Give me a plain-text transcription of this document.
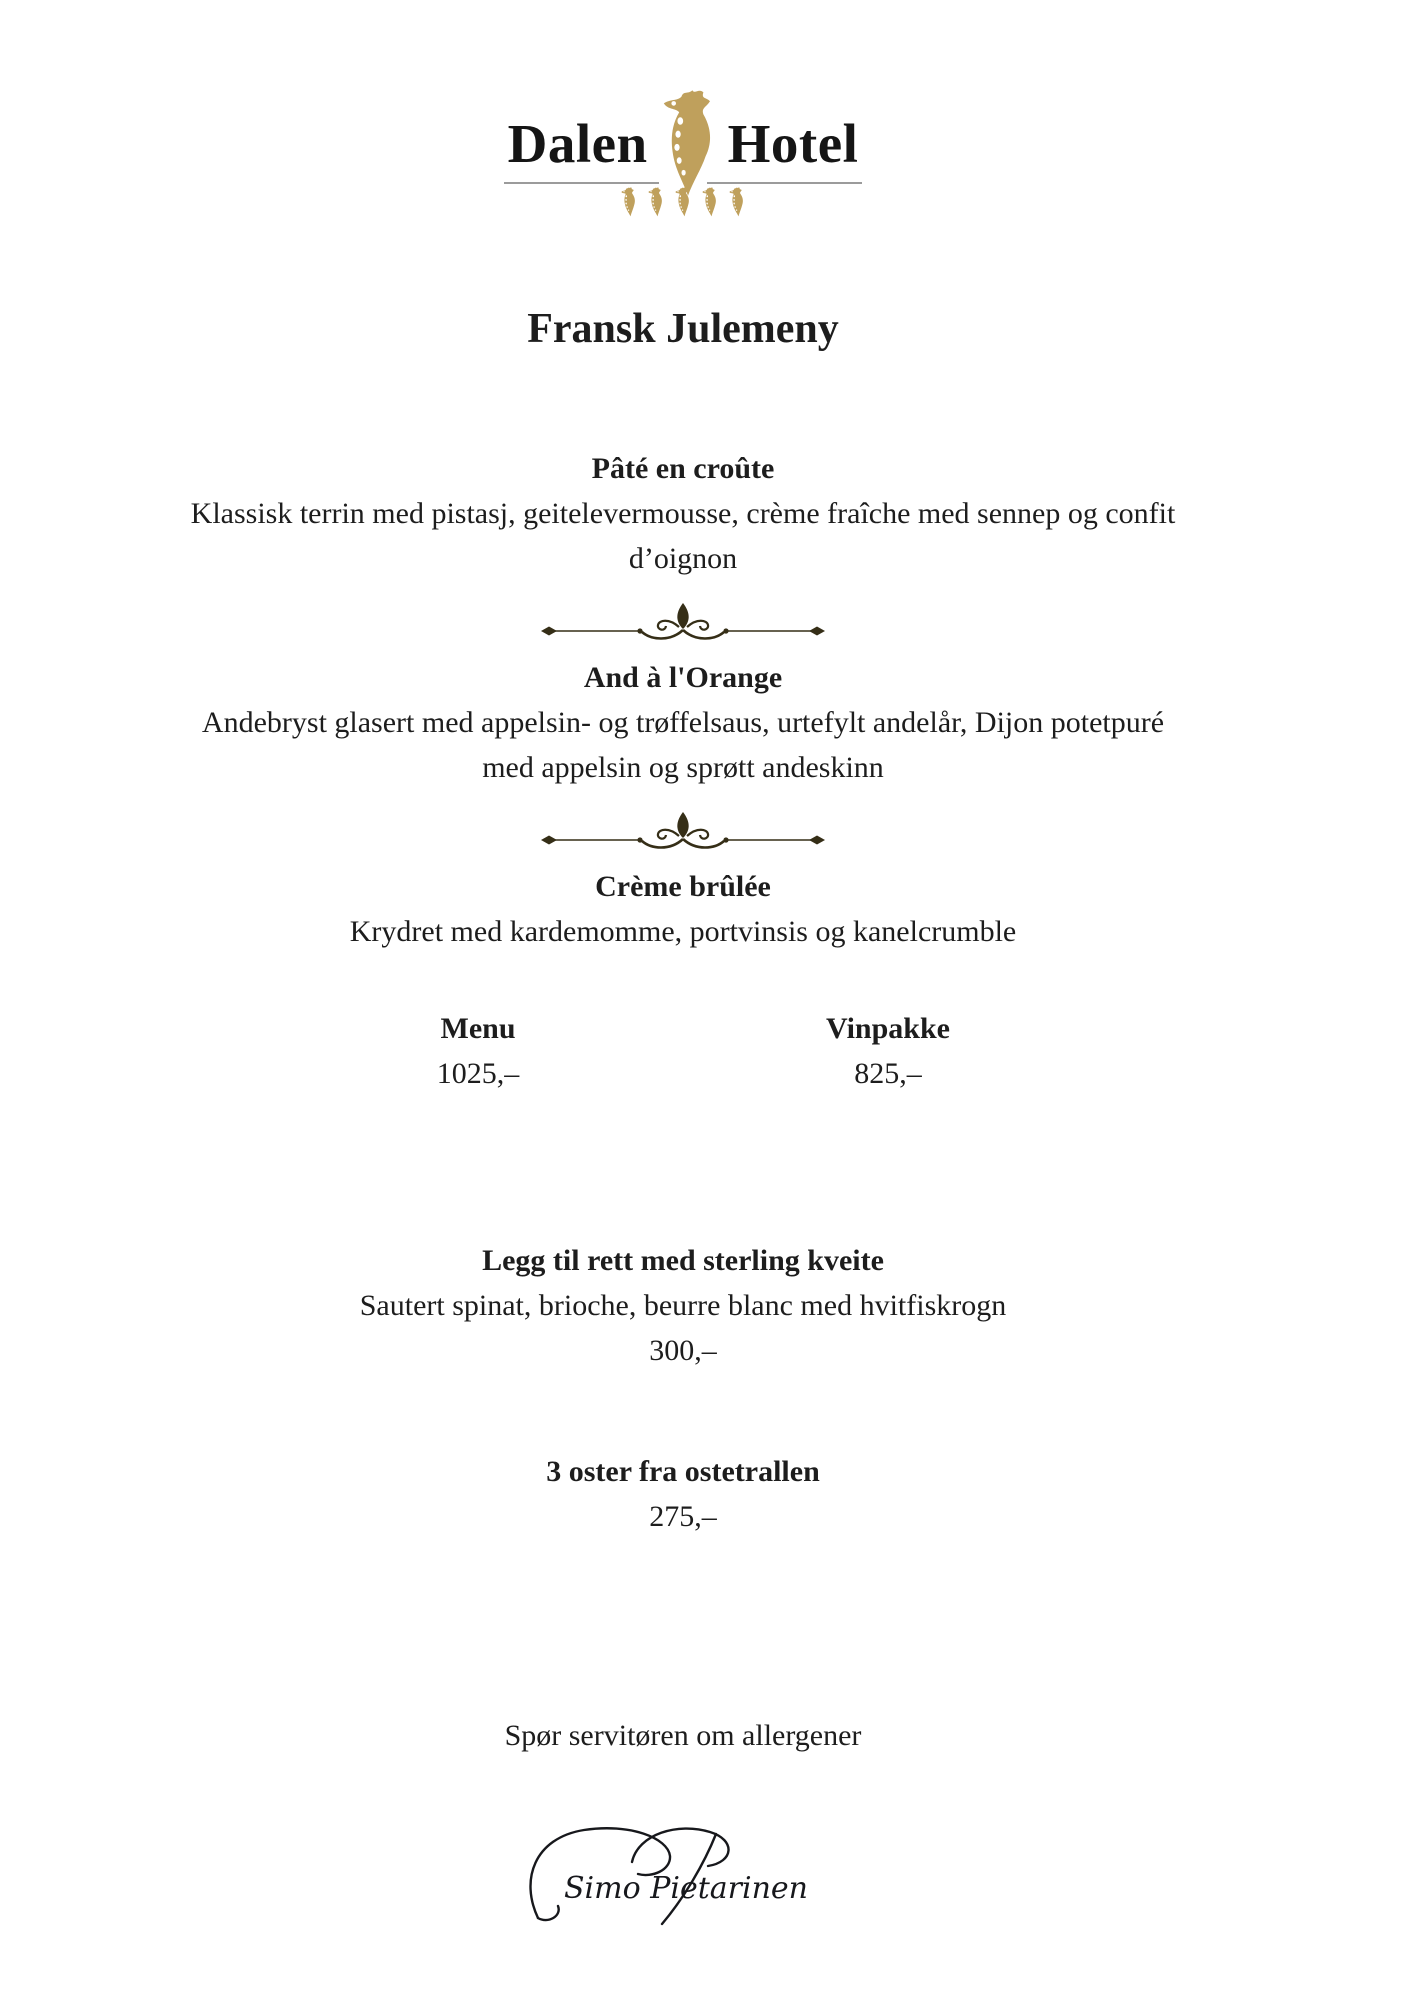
Dalen Hotel
Fransk Julemeny

Pâté en croûte

Klassisk terrin med pistasj, geitelevermousse, crème fraîche med sennep og confit d’oignon

And à l'Orange

Andebryst glasert med appelsin- og trøffelsaus, urtefylt andelår, Dijon potetpuré med appelsin og sprøtt andeskinn

Crème brûlée

Krydret med kardemomme, portvinsis og kanelcrumble

Menu

1025,–

Vinpakke

825,–

Legg til rett med sterling kveite

Sautert spinat, brioche, beurre blanc med hvitfiskrogn

300,–

3 oster fra ostetrallen

275,–

Spør servitøren om allergener

Simo Pietarinen
